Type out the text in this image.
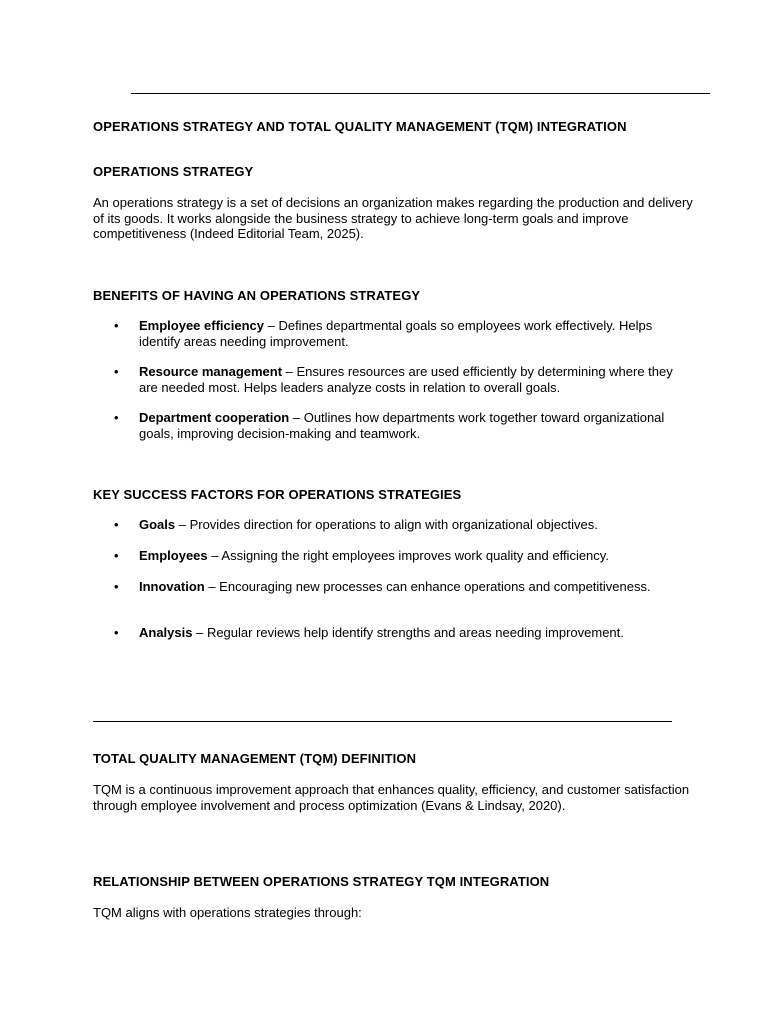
OPERATIONS STRATEGY AND TOTAL QUALITY MANAGEMENT (TQM) INTEGRATION
OPERATIONS STRATEGY

An operations strategy is a set of decisions an organization makes regarding the production and delivery of its goods. It works alongside the business strategy to achieve long-term goals and improve competitiveness (Indeed Editorial Team, 2025).

BENEFITS OF HAVING AN OPERATIONS STRATEGY
• Employee efficiency – Defines departmental goals so employees work effectively. Helps identify areas needing improvement.
• Resource management – Ensures resources are used efficiently by determining where they are needed most. Helps leaders analyze costs in relation to overall goals.
• Department cooperation – Outlines how departments work together toward organizational goals, improving decision-making and teamwork.
KEY SUCCESS FACTORS FOR OPERATIONS STRATEGIES
• Goals – Provides direction for operations to align with organizational objectives.
• Employees – Assigning the right employees improves work quality and efficiency.
• Innovation – Encouraging new processes can enhance operations and competitiveness.
• Analysis – Regular reviews help identify strengths and areas needing improvement.
TOTAL QUALITY MANAGEMENT (TQM) DEFINITION

TQM is a continuous improvement approach that enhances quality, efficiency, and customer satisfaction through employee involvement and process optimization (Evans & Lindsay, 2020).

RELATIONSHIP BETWEEN OPERATIONS STRATEGY TQM INTEGRATION

TQM aligns with operations strategies through:
